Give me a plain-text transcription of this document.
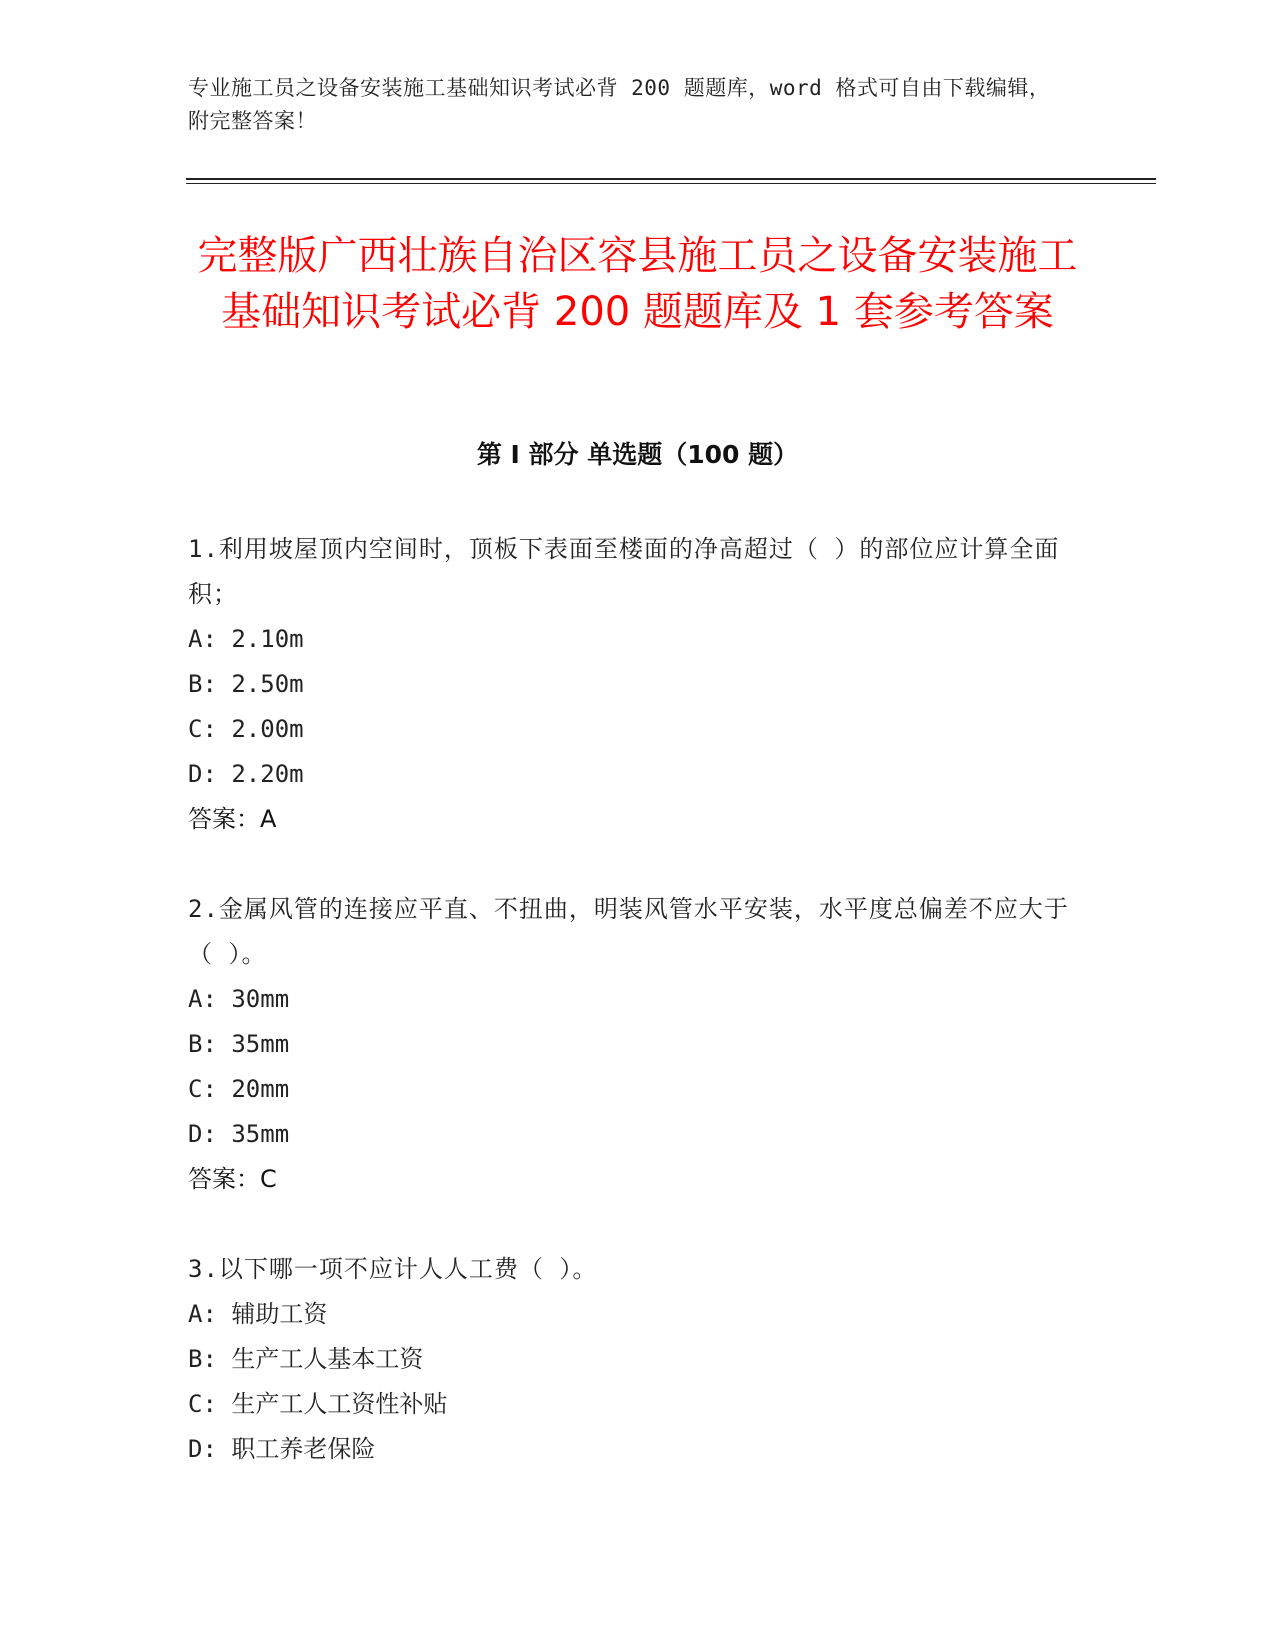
专业施工员之设备安装施工基础知识考试必背 200 题题库，word 格式可自由下载编辑，附完整答案！
完整版广西壮族自治区容县施工员之设备安装施工基础知识考试必背 200 题题库及 1 套参考答案
第 I 部分 单选题（100 题）
1.利用坡屋顶内空间时，顶板下表面至楼面的净高超过（ ）的部位应计算全面积；
A: 2.10m
B: 2.50m
C: 2.00m
D: 2.20m
答案：A
2.金属风管的连接应平直、不扭曲，明装风管水平安装，水平度总偏差不应大于（ ）。
A: 30mm
B: 35mm
C: 20mm
D: 35mm
答案：C
3.以下哪一项不应计人人工费（ ）。
A: 辅助工资
B: 生产工人基本工资
C: 生产工人工资性补贴
D: 职工养老保险
